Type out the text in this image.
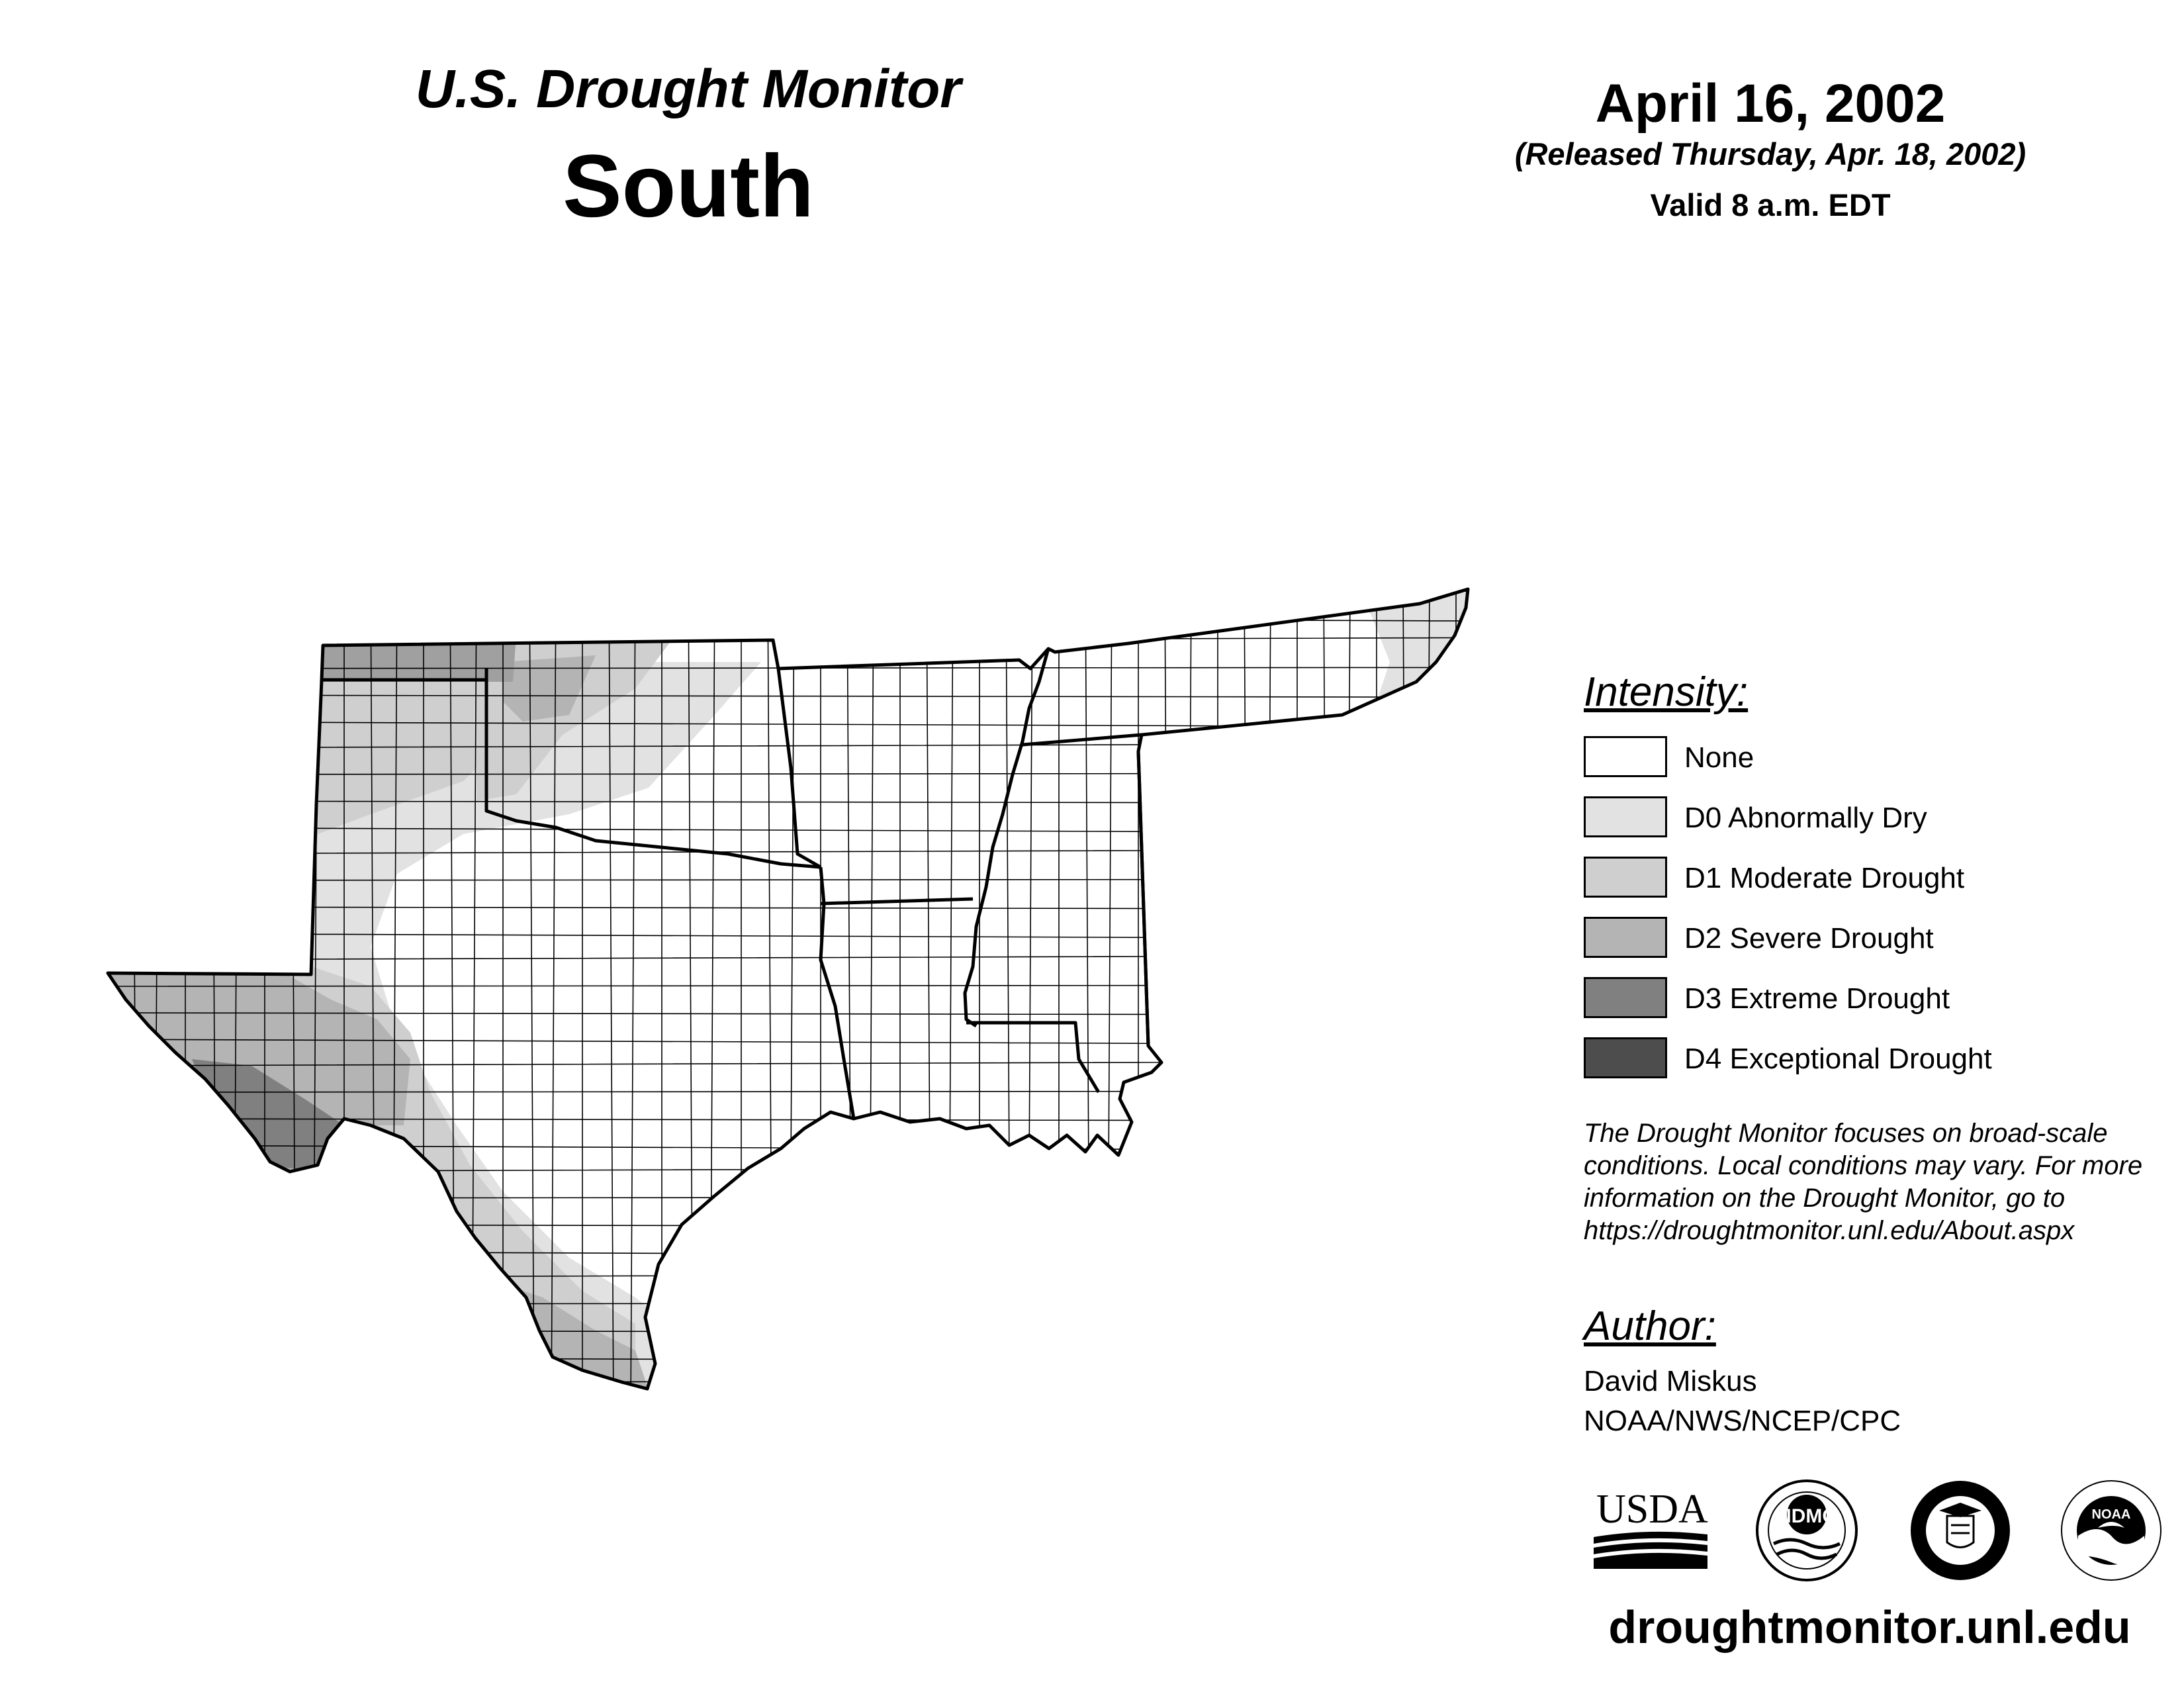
U.S. Drought Monitor
South
April 16, 2002
(Released Thursday, Apr. 18, 2002)
Valid 8 a.m. EDT
Intensity:
None
D0 Abnormally Dry
D1 Moderate Drought
D2 Severe Drought
D3 Extreme Drought
D4 Exceptional Drought
The Drought Monitor focuses on broad-scale
conditions. Local conditions may vary. For more
information on the Drought Monitor, go to
https://droughtmonitor.unl.edu/About.aspx
Author:
David Miskus
NOAA/NWS/NCEP/CPC
USDA	NDMC	NOAA
droughtmonitor.unl.edu
